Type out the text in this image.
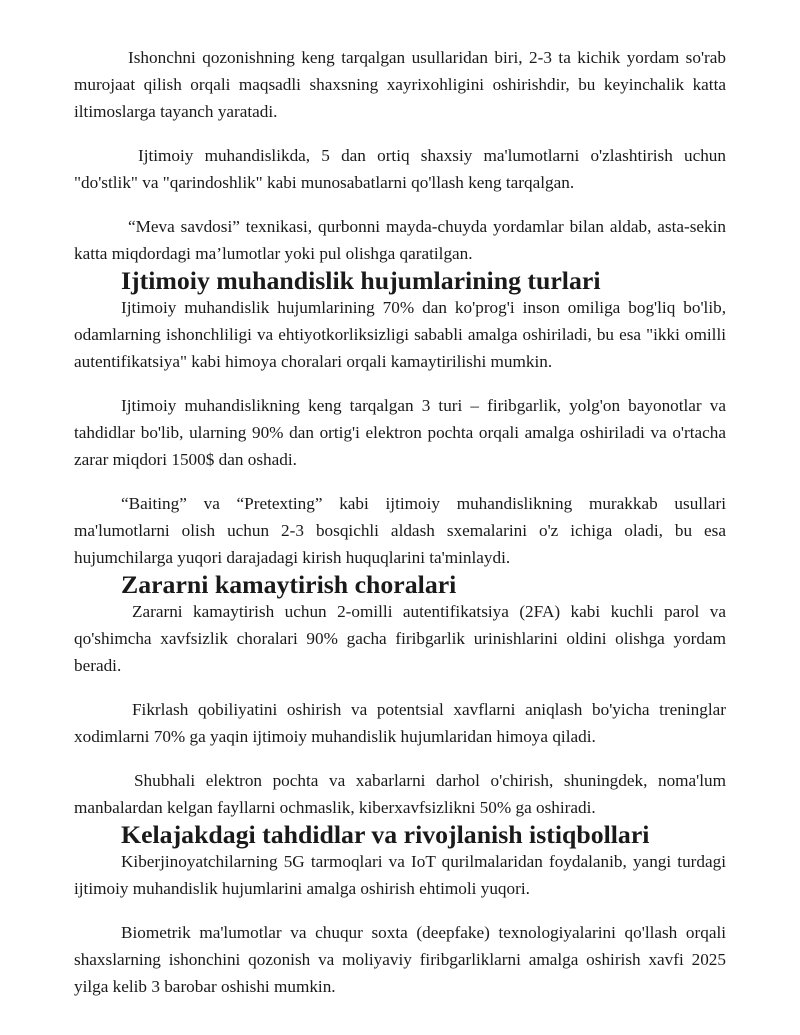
Ishonchni qozonishning keng tarqalgan usullaridan biri, 2-3 ta kichik yordam so'rab murojaat qilish orqali maqsadli shaxsning xayrixohligini oshirishdir, bu keyinchalik katta iltimoslarga tayanch yaratadi.

Ijtimoiy muhandislikda, 5 dan ortiq shaxsiy ma'lumotlarni o'zlashtirish uchun "do'stlik" va "qarindoshlik" kabi munosabatlarni qo'llash keng tarqalgan.

“Meva savdosi” texnikasi, qurbonni mayda-chuyda yordamlar bilan aldab, asta-sekin katta miqdordagi ma’lumotlar yoki pul olishga qaratilgan.

Ijtimoiy muhandislik hujumlarining turlari

Ijtimoiy muhandislik hujumlarining 70% dan ko'prog'i inson omiliga bog'liq bo'lib, odamlarning ishonchliligi va ehtiyotkorliksizligi sababli amalga oshiriladi, bu esa "ikki omilli autentifikatsiya" kabi himoya choralari orqali kamaytirilishi mumkin.

Ijtimoiy muhandislikning keng tarqalgan 3 turi – firibgarlik, yolg'on bayonotlar va tahdidlar bo'lib, ularning 90% dan ortig'i elektron pochta orqali amalga oshiriladi va o'rtacha zarar miqdori 1500$ dan oshadi.

“Baiting” va “Pretexting” kabi ijtimoiy muhandislikning murakkab usullari ma'lumotlarni olish uchun 2-3 bosqichli aldash sxemalarini o'z ichiga oladi, bu esa hujumchilarga yuqori darajadagi kirish huquqlarini ta'minlaydi.

Zararni kamaytirish choralari

Zararni kamaytirish uchun 2-omilli autentifikatsiya (2FA) kabi kuchli parol va qo'shimcha xavfsizlik choralari 90% gacha firibgarlik urinishlarini oldini olishga yordam beradi.

Fikrlash qobiliyatini oshirish va potentsial xavflarni aniqlash bo'yicha treninglar xodimlarni 70% ga yaqin ijtimoiy muhandislik hujumlaridan himoya qiladi.

Shubhali elektron pochta va xabarlarni darhol o'chirish, shuningdek, noma'lum manbalardan kelgan fayllarni ochmaslik, kiberxavfsizlikni 50% ga oshiradi.

Kelajakdagi tahdidlar va rivojlanish istiqbollari

Kiberjinoyatchilarning 5G tarmoqlari va IoT qurilmalaridan foydalanib, yangi turdagi ijtimoiy muhandislik hujumlarini amalga oshirish ehtimoli yuqori.

Biometrik ma'lumotlar va chuqur soxta (deepfake) texnologiyalarini qo'llash orqali shaxslarning ishonchini qozonish va moliyaviy firibgarliklarni amalga oshirish xavfi 2025 yilga kelib 3 barobar oshishi mumkin.
